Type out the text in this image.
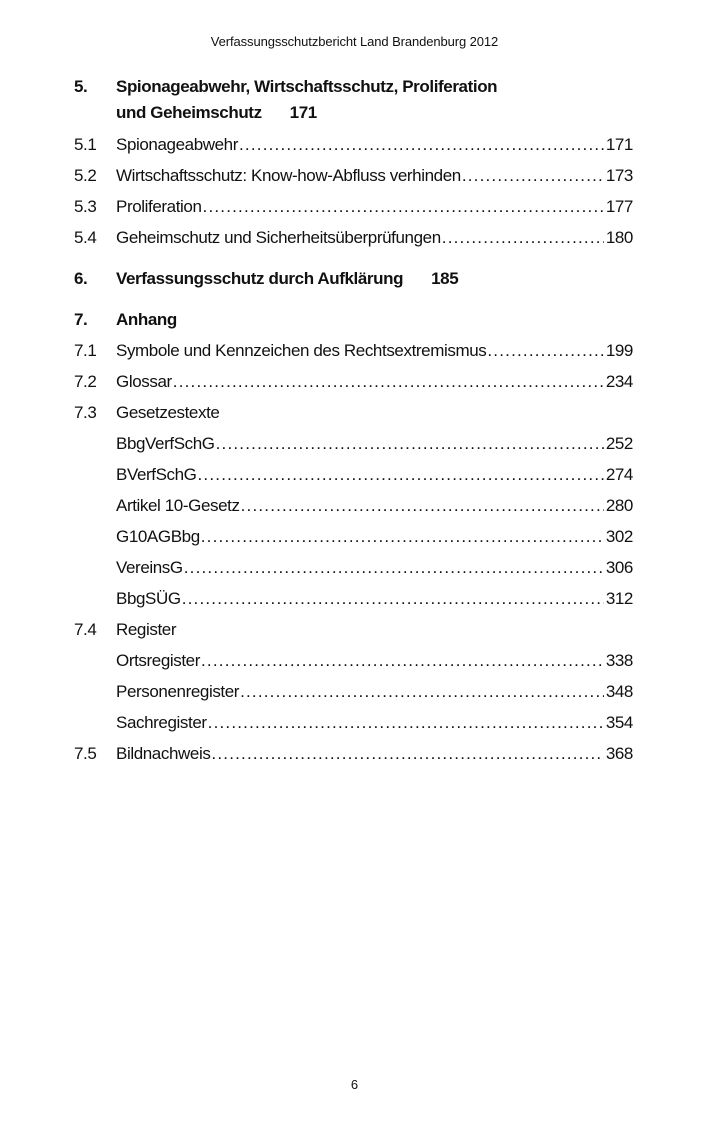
Verfassungsschutzbericht Land Brandenburg 2012
5.	Spionageabwehr, Wirtschaftsschutz, Proliferation
und Geheimschutz 171
5.1	Spionageabwehr .....	171
5.2	Wirtschaftsschutz: Know-how-Abfluss verhinden .....	173
5.3	Proliferation .....	177
5.4	Geheimschutz und Sicherheitsüberprüfungen .....	180
6.	Verfassungsschutz durch Aufklärung 185
7.	Anhang
7.1	Symbole und Kennzeichen des Rechtsextremismus .....	199
7.2	Glossar .....	234
7.3	Gesetzestexte
BbgVerfSchG .....	252
BVerfSchG .....	274
Artikel 10-Gesetz .....	280
G10AGBbg .....	302
VereinsG .....	306
BbgSÜG .....	312
7.4	Register
Ortsregister .....	338
Personenregister .....	348
Sachregister .....	354
7.5	Bildnachweis .....	368
6
